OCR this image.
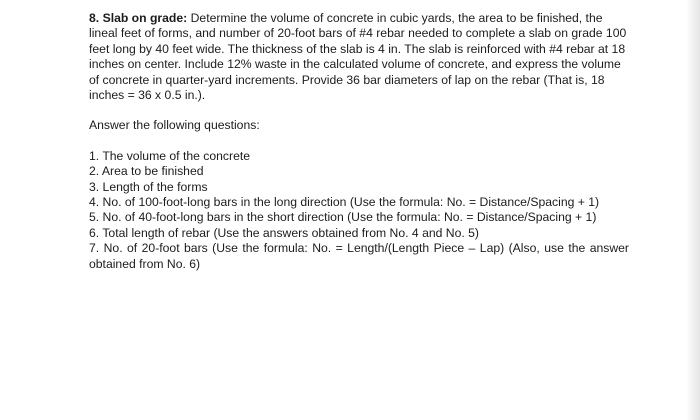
8. Slab on grade: Determine the volume of concrete in cubic yards, the area to be finished, the lineal feet of forms, and number of 20-foot bars of #4 rebar needed to complete a slab on grade 100 feet long by 40 feet wide. The thickness of the slab is 4 in. The slab is reinforced with #4 rebar at 18 inches on center. Include 12% waste in the calculated volume of concrete, and express the volume of concrete in quarter-yard increments. Provide 36 bar diameters of lap on the rebar (That is, 18 inches = 36 x 0.5 in.).

Answer the following questions:

1. The volume of the concrete
2. Area to be finished
3. Length of the forms
4. No. of 100-foot-long bars in the long direction (Use the formula: No. = Distance/Spacing + 1)
5. No. of 40-foot-long bars in the short direction (Use the formula: No. = Distance/Spacing + 1)
6. Total length of rebar (Use the answers obtained from No. 4 and No. 5)
7. No. of 20-foot bars (Use the formula: No. = Length/(Length Piece – Lap) (Also, use the answer obtained from No. 6)
